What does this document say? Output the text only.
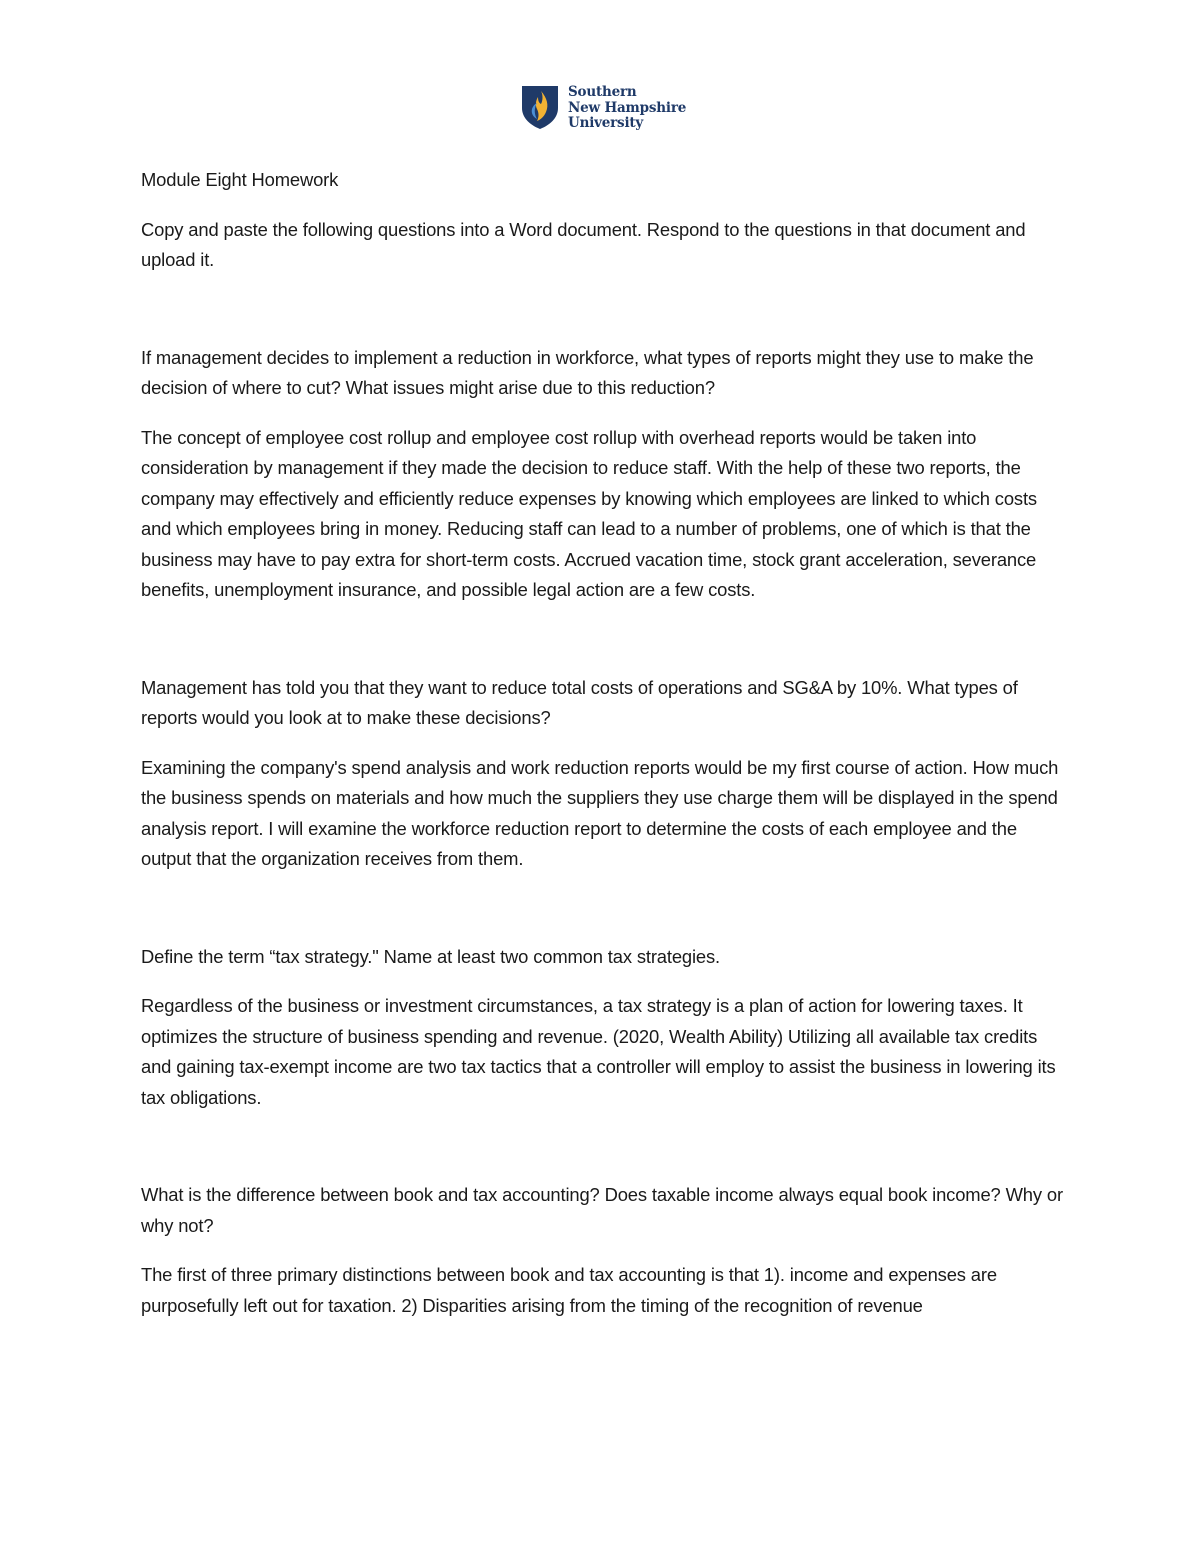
Southern
New Hampshire
University

Module Eight Homework

Copy and paste the following questions into a Word document. Respond to the questions in that document and upload it.

If management decides to implement a reduction in workforce, what types of reports might they use to make the decision of where to cut? What issues might arise due to this reduction?

The concept of employee cost rollup and employee cost rollup with overhead reports would be taken into consideration by management if they made the decision to reduce staff. With the help of these two reports, the company may effectively and efficiently reduce expenses by knowing which employees are linked to which costs and which employees bring in money. Reducing staff can lead to a number of problems, one of which is that the business may have to pay extra for short-term costs. Accrued vacation time, stock grant acceleration, severance benefits, unemployment insurance, and possible legal action are a few costs.

Management has told you that they want to reduce total costs of operations and SG&A by 10%. What types of reports would you look at to make these decisions?

Examining the company's spend analysis and work reduction reports would be my first course of action. How much the business spends on materials and how much the suppliers they use charge them will be displayed in the spend analysis report. I will examine the workforce reduction report to determine the costs of each employee and the output that the organization receives from them.

Define the term “tax strategy." Name at least two common tax strategies.

Regardless of the business or investment circumstances, a tax strategy is a plan of action for lowering taxes. It optimizes the structure of business spending and revenue. (2020, Wealth Ability) Utilizing all available tax credits and gaining tax-exempt income are two tax tactics that a controller will employ to assist the business in lowering its tax obligations.

What is the difference between book and tax accounting? Does taxable income always equal book income? Why or why not?

The first of three primary distinctions between book and tax accounting is that 1). income and expenses are purposefully left out for taxation. 2) Disparities arising from the timing of the recognition of revenue
